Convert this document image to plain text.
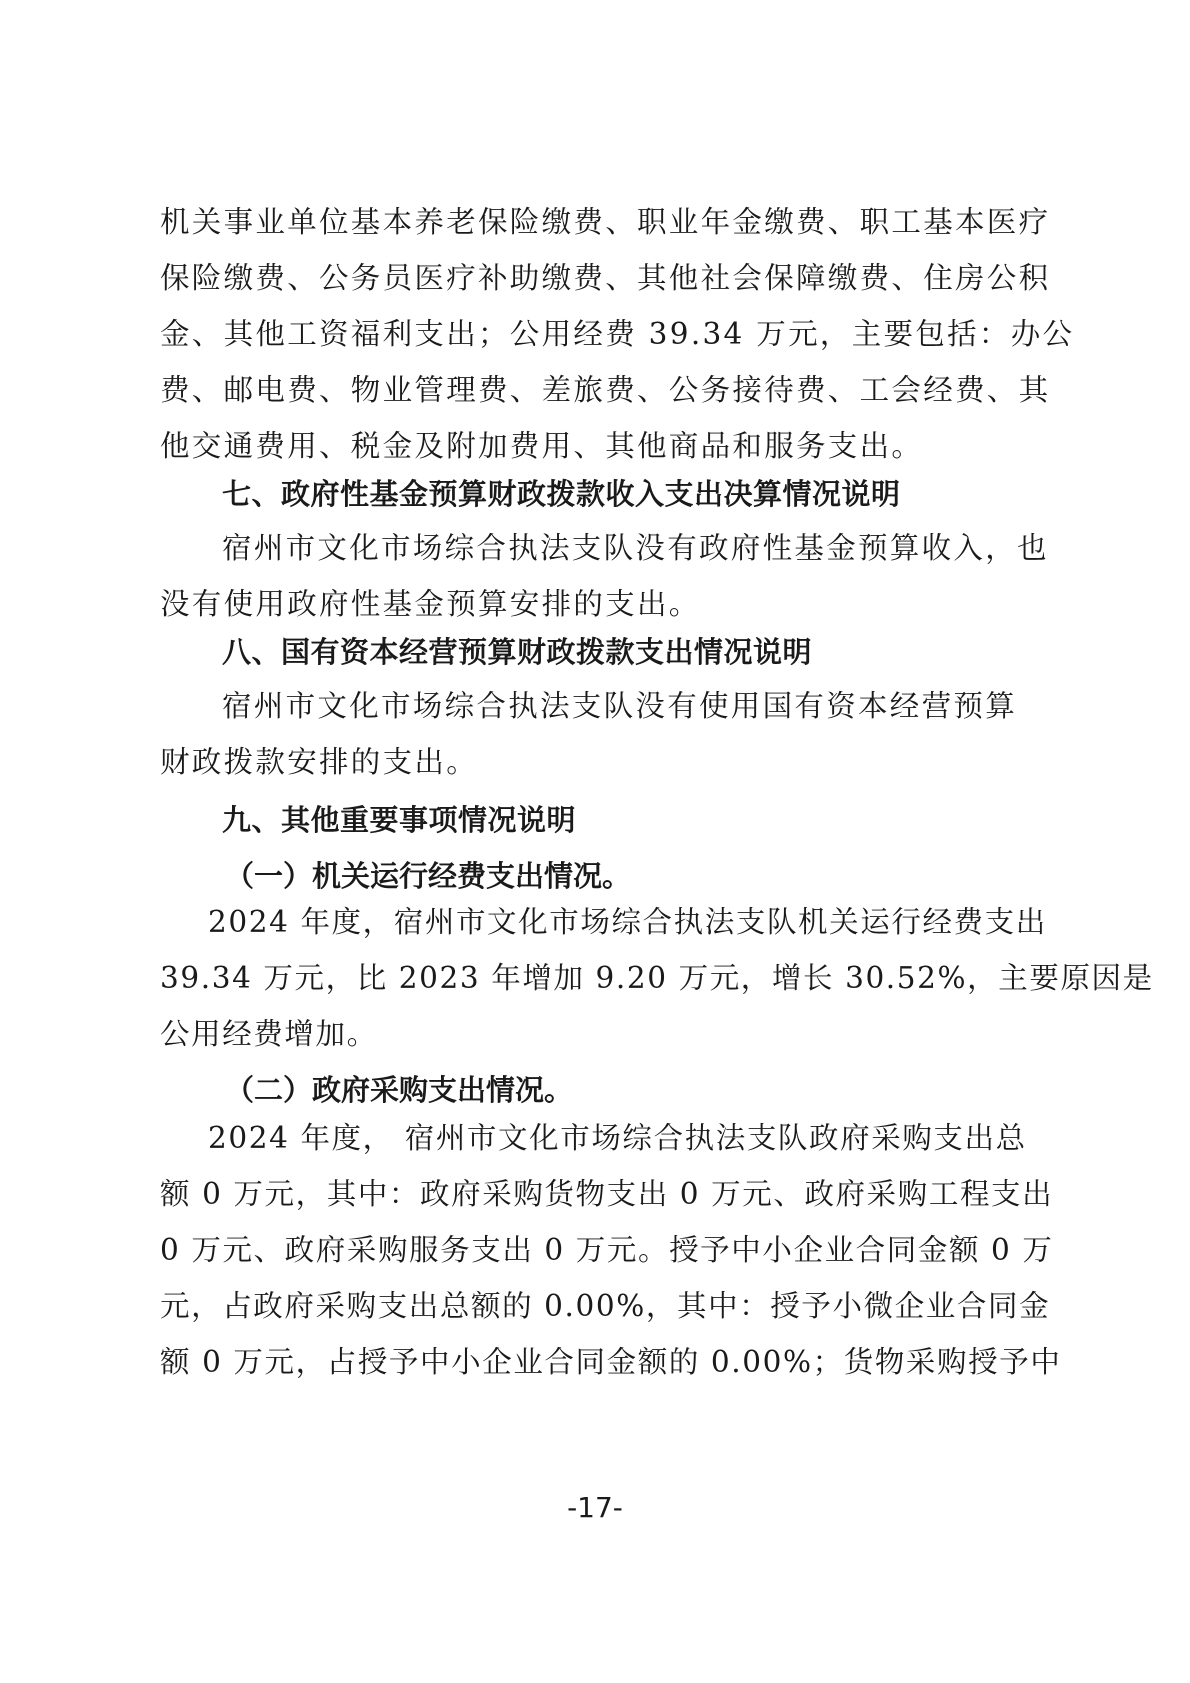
机关事业单位基本养老保险缴费、职业年金缴费、职工基本医疗
保险缴费、公务员医疗补助缴费、其他社会保障缴费、住房公积
金、其他工资福利支出；公用经费 39.34 万元，主要包括：办公
费、邮电费、物业管理费、差旅费、公务接待费、工会经费、其
他交通费用、税金及附加费用、其他商品和服务支出。
七、政府性基金预算财政拨款收入支出决算情况说明
宿州市文化市场综合执法支队没有政府性基金预算收入，也
没有使用政府性基金预算安排的支出。
八、国有资本经营预算财政拨款支出情况说明
宿州市文化市场综合执法支队没有使用国有资本经营预算
财政拨款安排的支出。
九、其他重要事项情况说明
（一）机关运行经费支出情况。
2024 年度，宿州市文化市场综合执法支队机关运行经费支出
39.34 万元，比 2023 年增加 9.20 万元，增长 30.52%，主要原因是
公用经费增加。
（二）政府采购支出情况。
2024 年度， 宿州市文化市场综合执法支队政府采购支出总
额 0 万元，其中：政府采购货物支出 0 万元、政府采购工程支出
0 万元、政府采购服务支出 0 万元。授予中小企业合同金额 0 万
元，占政府采购支出总额的 0.00%，其中：授予小微企业合同金
额 0 万元，占授予中小企业合同金额的 0.00%；货物采购授予中
-17-
